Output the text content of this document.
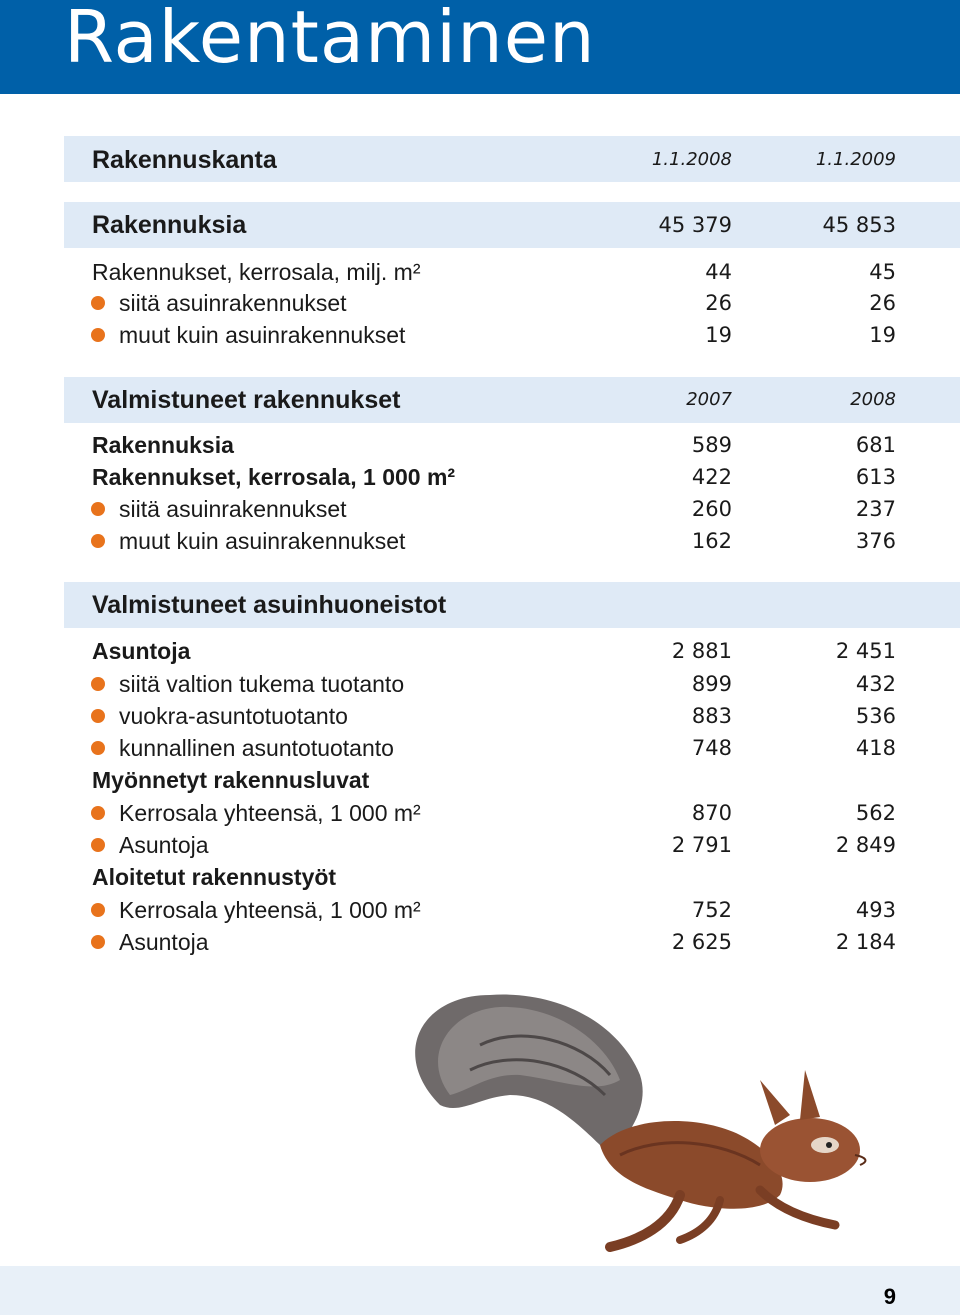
Rakentaminen
Rakennuskanta	1.1.2008	1.1.2009
Rakennuksia	45 379	45 853
Rakennukset, kerrosala, milj. m²	44	45
siitä asuinrakennukset	26	26
muut kuin asuinrakennukset	19	19
Valmistuneet rakennukset	2007	2008
Rakennuksia	589	681
Rakennukset, kerrosala, 1 000 m²	422	613
siitä asuinrakennukset	260	237
muut kuin asuinrakennukset	162	376
Valmistuneet asuinhuoneistot
Asuntoja	2 881	2 451
siitä valtion tukema tuotanto	899	432
vuokra-asuntotuotanto	883	536
kunnallinen asuntotuotanto	748	418
Myönnetyt rakennusluvat
Kerrosala yhteensä, 1 000 m²	870	562
Asuntoja	2 791	2 849
Aloitetut rakennustyöt
Kerrosala yhteensä, 1 000 m²	752	493
Asuntoja	2 625	2 184
9
